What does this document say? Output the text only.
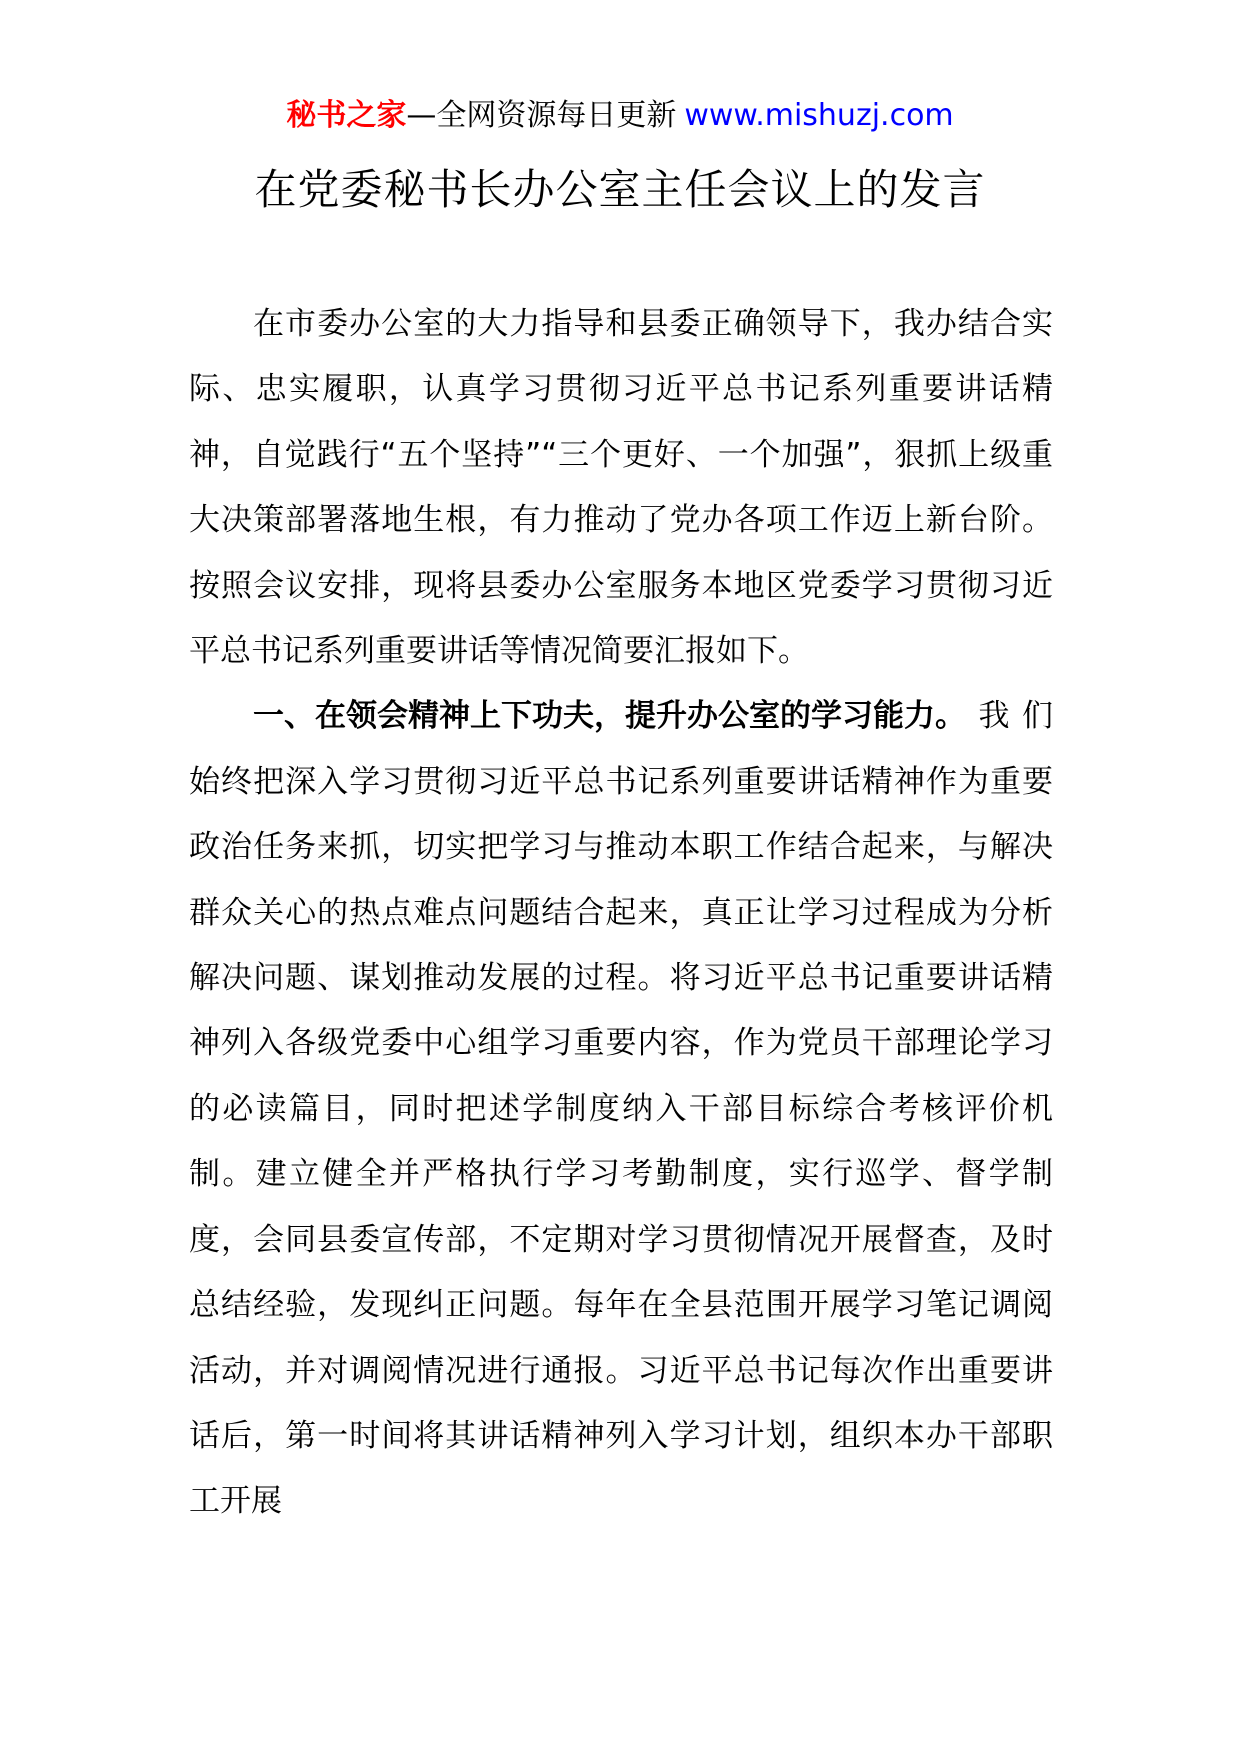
秘书之家—全网资源每日更新 www.mishuzj.com
在党委秘书长办公室主任会议上的发言

在市委办公室的大力指导和县委正确领导下，我办结合实际、忠实履职，认真学习贯彻习近平总书记系列重要讲话精神，自觉践行“五个坚持”“三个更好、一个加强”，狠抓上级重大决策部署落地生根，有力推动了党办各项工作迈上新台阶。按照会议安排，现将县委办公室服务本地区党委学习贯彻习近平总书记系列重要讲话等情况简要汇报如下。

一、在领会精神上下功夫，提升办公室的学习能力。我们始终把深入学习贯彻习近平总书记系列重要讲话精神作为重要政治任务来抓，切实把学习与推动本职工作结合起来，与解决群众关心的热点难点问题结合起来，真正让学习过程成为分析解决问题、谋划推动发展的过程。将习近平总书记重要讲话精神列入各级党委中心组学习重要内容，作为党员干部理论学习的必读篇目，同时把述学制度纳入干部目标综合考核评价机制。建立健全并严格执行学习考勤制度，实行巡学、督学制度，会同县委宣传部，不定期对学习贯彻情况开展督查，及时总结经验，发现纠正问题。每年在全县范围开展学习笔记调阅活动，并对调阅情况进行通报。习近平总书记每次作出重要讲话后，第一时间将其讲话精神列入学习计划，组织本办干部职工开展
